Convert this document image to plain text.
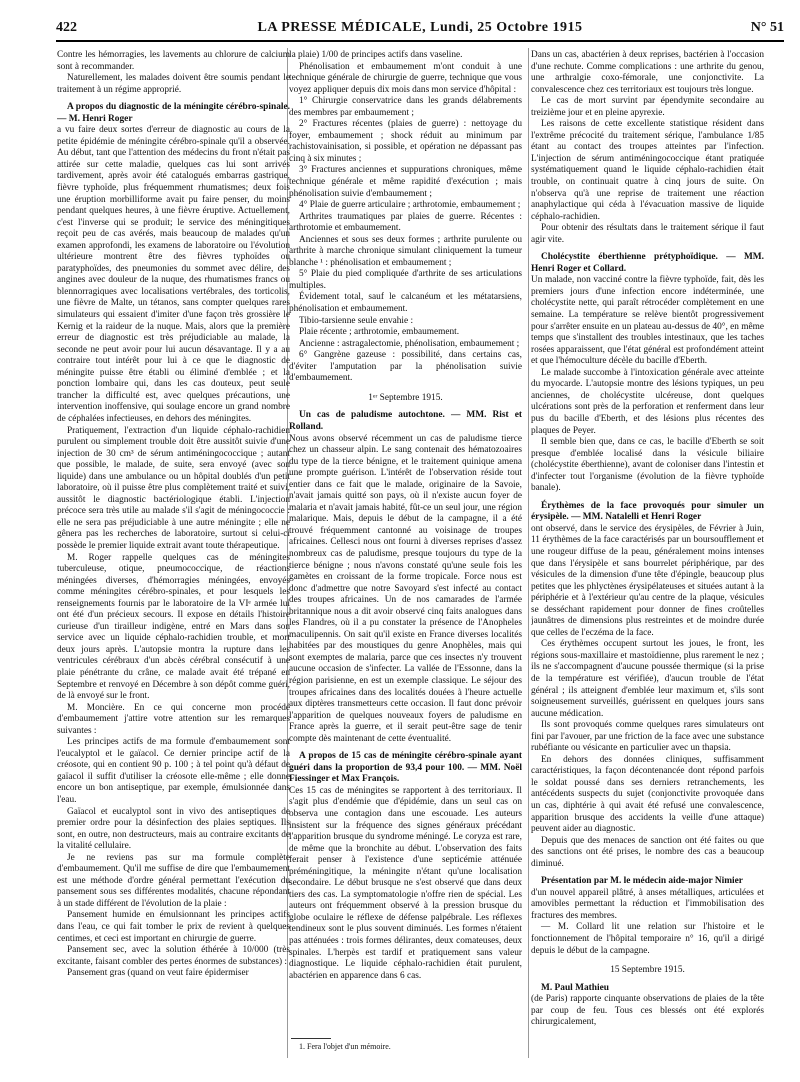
422	LA PRESSE MÉDICALE, Lundi, 25 Octobre 1915	N° 51

Contre les hémorragies, les lavements au chlorure de calcium sont à recommander.

Naturellement, les malades doivent être soumis pendant le traitement à un régime approprié.

A propos du diagnostic de la méningite cérébro-spinale. — M. Henri Roger

a vu faire deux sortes d'erreur de diagnostic au cours de la petite épidémie de méningite cérébro-spinale qu'il a observée. Au début, tant que l'attention des médecins du front n'était pas attirée sur cette maladie, quelques cas lui sont arrivés tardivement, après avoir été catalogués embarras gastrique, fièvre typhoïde, plus fréquemment rhumatismes; deux fois une éruption morbilliforme avait pu faire penser, du moins pendant quelques heures, à une fièvre éruptive. Actuellement, c'est l'inverse qui se produit; le service des méningitiques reçoit peu de cas avérés, mais beaucoup de malades qu'un examen approfondi, les examens de laboratoire ou l'évolution ultérieure montrent être des fièvres typhoïdes ou paratyphoïdes, des pneumonies du sommet avec délire, des angines avec douleur de la nuque, des rhumatismes francs ou blennorragiques avec localisations vertébrales, des torticolis, une fièvre de Malte, un tétanos, sans compter quelques rares simulateurs qui essaient d'imiter d'une façon très grossière le Kernig et la raideur de la nuque. Mais, alors que la première erreur de diagnostic est très préjudiciable au malade, la seconde ne peut avoir pour lui aucun désavantage. Il y a au contraire tout intérêt pour lui à ce que le diagnostic de méningite puisse être établi ou éliminé d'emblée ; et la ponction lombaire qui, dans les cas douteux, peut seule trancher la difficulté est, avec quelques précautions, une intervention inoffensive, qui soulage encore un grand nombre de céphalées infectieuses, en dehors des méningites.

Pratiquement, l'extraction d'un liquide céphalo-rachidien purulent ou simplement trouble doit être aussitôt suivie d'une injection de 30 cm³ de sérum antiméningococcique ; autant que possible, le malade, de suite, sera envoyé (avec son liquide) dans une ambulance ou un hôpital doublés d'un petit laboratoire, où il puisse être plus complètement traité et suivi, aussitôt le diagnostic bactériologique établi. L'injection précoce sera très utile au malade s'il s'agit de méningococcie : elle ne sera pas préjudiciable à une autre méningite ; elle ne gênera pas les recherches de laboratoire, surtout si celui-ci possède le premier liquide extrait avant toute thérapeutique.

M. Roger rappelle quelques cas de méningites tuberculeuse, otique, pneumococcique, de réactions méningées diverses, d'hémorragies méningées, envoyés comme méningites cérébro-spinales, et pour lesquels les renseignements fournis par le laboratoire de la VIᵉ armée lui ont été d'un précieux secours. Il expose en détails l'histoire curieuse d'un tirailleur indigène, entré en Mars dans son service avec un liquide céphalo-rachidien trouble, et mort deux jours après. L'autopsie montra la rupture dans les ventricules cérébraux d'un abcès cérébral consécutif à une plaie pénétrante du crâne, ce malade avait été trépané en Septembre et renvoyé en Décembre à son dépôt comme guéri, de là envoyé sur le front.

M. Moncière. En ce qui concerne mon procédé d'embaumement j'attire votre attention sur les remarques suivantes :

Les principes actifs de ma formule d'embaumement sont l'eucalyptol et le gaïacol. Ce dernier principe actif de la créosote, qui en contient 90 p. 100 ; à tel point qu'à défaut de gaïacol il suffit d'utiliser la créosote elle-même ; elle donne encore un bon antiseptique, par exemple, émulsionnée dans l'eau.

Gaïacol et eucalyptol sont in vivo des antiseptiques de premier ordre pour la désinfection des plaies septiques. Ils sont, en outre, non destructeurs, mais au contraire excitants de la vitalité cellulaire.

Je ne reviens pas sur ma formule complète d'embaumement. Qu'il me suffise de dire que l'embaumement est une méthode d'ordre général permettant l'exécution du pansement sous ses différentes modalités, chacune répondant à un stade différent de l'évolution de la plaie :

Pansement humide en émulsionnant les principes actifs dans l'eau, ce qui fait tomber le prix de revient à quelques centimes, et ceci est important en chirurgie de guerre.

Pansement sec, avec la solution éthérée à 10/000 (très excitante, faisant combler des pertes énormes de substances) :

Pansement gras (quand on veut faire épidermiser

la plaie) 1/00 de principes actifs dans vaseline.

Phénolisation et embaumement m'ont conduit à une technique générale de chirurgie de guerre, technique que vous voyez appliquer depuis dix mois dans mon service d'hôpital :

1° Chirurgie conservatrice dans les grands délabrements des membres par embaumement ;

2° Fractures récentes (plaies de guerre) : nettoyage du foyer, embaumement ; shock réduit au minimum par rachistovainisation, si possible, et opération ne dépassant pas cinq à six minutes ;

3° Fractures anciennes et suppurations chroniques, même technique générale et même rapidité d'exécution ; mais phénolisation suivie d'embaumement ;

4° Plaie de guerre articulaire ; arthrotomie, embaumement ;

Arthrites traumatiques par plaies de guerre. Récentes : arthrotomie et embaumement.

Anciennes et sous ses deux formes ; arthrite purulente ou arthrite à marche chronique simulant cliniquement la tumeur blanche ¹ : phénolisation et embaumement ;

5° Plaie du pied compliquée d'arthrite de ses articulations multiples.

Évidement total, sauf le calcanéum et les métatarsiens, phénolisation et embaumement.

Tibio-tarsienne seule envahie :

Plaie récente ; arthrotomie, embaumement.

Ancienne : astragalectomie, phénolisation, embaumement ;

6° Gangrène gazeuse : possibilité, dans certains cas, d'éviter l'amputation par la phénolisation suivie d'embaumement.

1ᵉʳ Septembre 1915.

Un cas de paludisme autochtone. — MM. Rist et Rolland.

Nous avons observé récemment un cas de paludisme tierce chez un chasseur alpin. Le sang contenait des hématozoaires du type de la tierce bénigne, et le traitement quinique amena une prompte guérison. L'intérêt de l'observation réside tout entier dans ce fait que le malade, originaire de la Savoie, n'avait jamais quitté son pays, où il n'existe aucun foyer de malaria et n'avait jamais habité, fût-ce un seul jour, une région malarique. Mais, depuis le début de la campagne, il a été trouvé fréquemment cantonné au voisinage de troupes africaines. Cellesci nous ont fourni à diverses reprises d'assez nombreux cas de paludisme, presque toujours du type de la tierce bénigne ; nous n'avons constaté qu'une seule fois les gamètes en croissant de la forme tropicale. Force nous est donc d'admettre que notre Savoyard s'est infecté au contact des troupes africaines. Un de nos camarades de l'armée britannique nous a dit avoir observé cinq faits analogues dans les Flandres, où il a pu constater la présence de l'Anopheles maculipennis. On sait qu'il existe en France diverses localités habitées par des moustiques du genre Anophèles, mais qui sont exemptes de malaria, parce que ces insectes n'y trouvent aucune occasion de s'infecter. La vallée de l'Essonne, dans la région parisienne, en est un exemple classique. Le séjour des troupes africaines dans des localités douées à l'heure actuelle aux diptères transmetteurs cette occasion. Il faut donc prévoir l'apparition de quelques nouveaux foyers de paludisme en France après la guerre, et il serait peut-être sage de tenir compte dès maintenant de cette éventualité.

A propos de 15 cas de méningite cérébro-spinale ayant guéri dans la proportion de 93,4 pour 100. — MM. Noël Fiessinger et Max François.

Ces 15 cas de méningites se rapportent à des territoriaux. Il s'agit plus d'endémie que d'épidémie, dans un seul cas on observa une contagion dans une escouade. Les auteurs insistent sur la fréquence des signes généraux précédant l'apparition brusque du syndrome méningé. Le coryza est rare, de même que la bronchite au début. L'observation des faits ferait penser à l'existence d'une septicémie atténuée préméningitique, la méningite n'étant qu'une localisation secondaire. Le début brusque ne s'est observé que dans deux tiers des cas. La symptomatologie n'offre rien de spécial. Les auteurs ont fréquemment observé à la pression brusque du globe oculaire le réflexe de défense palpébrale. Les réflexes tendineux sont le plus souvent diminués. Les formes n'étaient pas atténuées : trois formes délirantes, deux comateuses, deux spinales. L'herpès est tardif et pratiquement sans valeur diagnostique. Le liquide céphalo-rachidien était purulent, abactérien en apparence dans 6 cas.

1. Fera l'objet d'un mémoire.

Dans un cas, abactérien à deux reprises, bactérien à l'occasion d'une rechute. Comme complications : une arthrite du genou, une arthralgie coxo-fémorale, une conjonctivite. La convalescence chez ces territoriaux est toujours très longue.

Le cas de mort survint par épendymite secondaire au treizième jour et en pleine apyrexie.

Les raisons de cette excellente statistique résident dans l'extrême précocité du traitement sérique, l'ambulance 1/85 étant au contact des troupes atteintes par l'infection. L'injection de sérum antiméningococcique étant pratiquée systématiquement quand le liquide céphalo-rachidien était trouble, on continuait quatre à cinq jours de suite. On n'observa qu'à une reprise de traitement une réaction anaphylactique qui céda à l'évacuation massive de liquide céphalo-rachidien.

Pour obtenir des résultats dans le traitement sérique il faut agir vite.

Cholécystite éberthienne prétyphoïdique. — MM. Henri Roger et Collard.

Un malade, non vacciné contre la fièvre typhoïde, fait, dès les premiers jours d'une infection encore indéterminée, une cholécystite nette, qui paraît rétrocéder complètement en une semaine. La température se relève bientôt progressivement pour s'arrêter ensuite en un plateau au-dessus de 40°, en même temps que s'installent des troubles intestinaux, que les taches rosées apparaissent, que l'état général est profondément atteint et que l'hémoculture décèle du bacille d'Eberth.

Le malade succombe à l'intoxication générale avec atteinte du myocarde. L'autopsie montre des lésions typiques, un peu anciennes, de cholécystite ulcéreuse, dont quelques ulcérations sont près de la perforation et renferment dans leur pus du bacille d'Eberth, et des lésions plus récentes des plaques de Peyer.

Il semble bien que, dans ce cas, le bacille d'Eberth se soit presque d'emblée localisé dans la vésicule biliaire (cholécystite éberthienne), avant de coloniser dans l'intestin et d'infecter tout l'organisme (évolution de la fièvre typhoïde banale).

Érythèmes de la face provoqués pour simuler un érysipèle. — MM. Natalelli et Henri Roger

ont observé, dans le service des érysipèles, de Février à Juin, 11 érythèmes de la face caractérisés par un boursoufflement et une rougeur diffuse de la peau, généralement moins intenses que dans l'érysipèle et sans bourrelet périphérique, par des vésicules de la dimension d'une tête d'épingle, beaucoup plus petites que les phlyctènes érysipélateuses et situées autant à la périphérie et à l'extérieur qu'au centre de la plaque, vésicules se desséchant rapidement pour donner de fines croûtelles jaunâtres de dimensions plus restreintes et de moindre durée que celles de l'eczéma de la face.

Ces érythèmes occupent surtout les joues, le front, les régions sous-maxillaire et mastoïdienne, plus rarement le nez ; ils ne s'accompagnent d'aucune poussée thermique (si la prise de la température est vérifiée), d'aucun trouble de l'état général ; ils atteignent d'emblée leur maximum et, s'ils sont soigneusement surveillés, guérissent en quelques jours sans aucune médication.

Ils sont provoqués comme quelques rares simulateurs ont fini par l'avouer, par une friction de la face avec une substance rubéfiante ou vésicante en particulier avec un thapsia.

En dehors des données cliniques, suffisamment caractéristiques, la façon décontenancée dont répond parfois le soldat poussé dans ses derniers retranchements, les antécédents suspects du sujet (conjonctivite provoquée dans un cas, diphtérie à qui avait été refusé une convalescence, apparition brusque des accidents la veille d'une attaque) peuvent aider au diagnostic.

Depuis que des menaces de sanction ont été faites ou que des sanctions ont été prises, le nombre des cas a beaucoup diminué.

Présentation par M. le médecin aide-major Nimier

d'un nouvel appareil plâtré, à anses métalliques, articulées et amovibles permettant la réduction et l'immobilisation des fractures des membres.

— M. Collard lit une relation sur l'histoire et le fonctionnement de l'hôpital temporaire n° 16, qu'il a dirigé depuis le début de la campagne.

15 Septembre 1915.

M. Paul Mathieu

(de Paris) rapporte cinquante observations de plaies de la tête par coup de feu. Tous ces blessés ont été explorés chirurgicalement,
